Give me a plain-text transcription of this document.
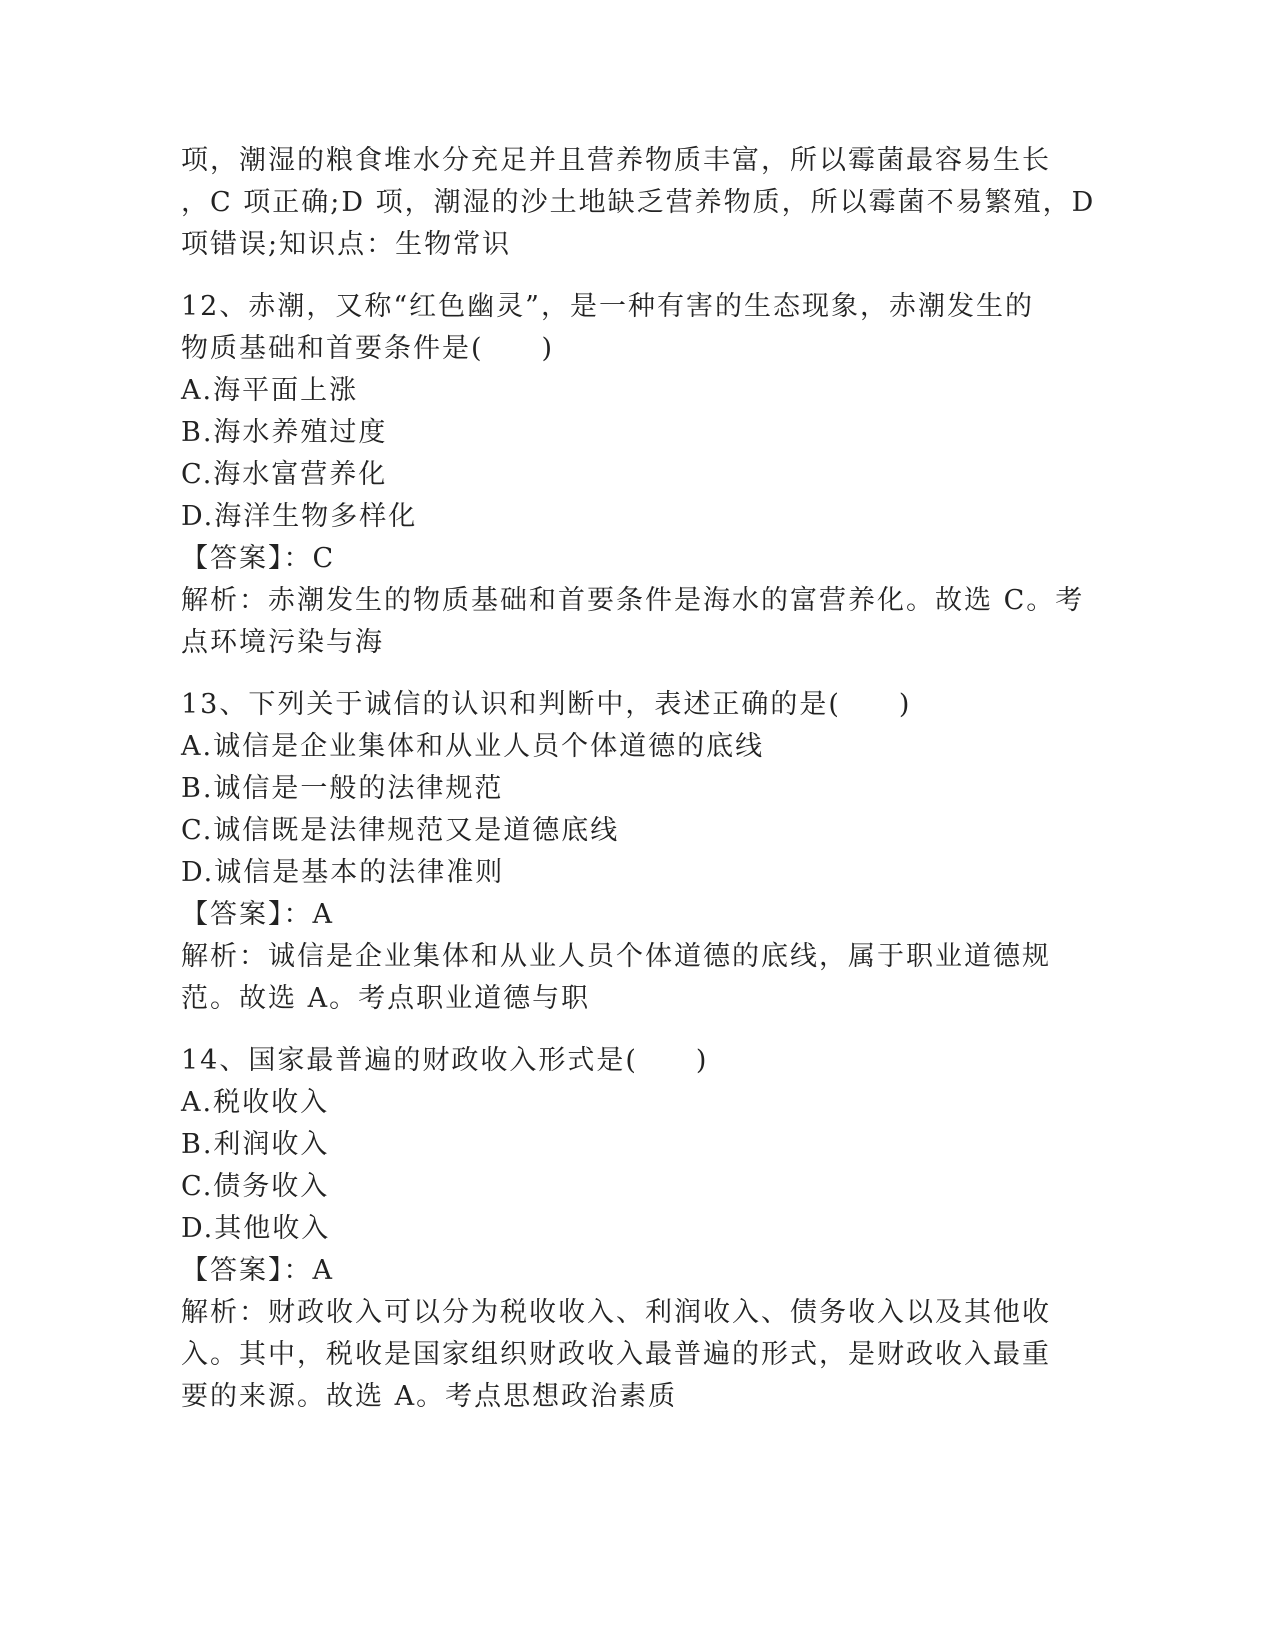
项，潮湿的粮食堆水分充足并且营养物质丰富，所以霉菌最容易生长
，C 项正确;D 项，潮湿的沙土地缺乏营养物质，所以霉菌不易繁殖，D
项错误;知识点：生物常识
12、赤潮，又称“红色幽灵”，是一种有害的生态现象，赤潮发生的
物质基础和首要条件是(　　)
A.海平面上涨
B.海水养殖过度
C.海水富营养化
D.海洋生物多样化
【答案】：C
解析：赤潮发生的物质基础和首要条件是海水的富营养化。故选 C。考
点环境污染与海
13、下列关于诚信的认识和判断中，表述正确的是(　　)
A.诚信是企业集体和从业人员个体道德的底线
B.诚信是一般的法律规范
C.诚信既是法律规范又是道德底线
D.诚信是基本的法律准则
【答案】：A
解析：诚信是企业集体和从业人员个体道德的底线，属于职业道德规
范。故选 A。考点职业道德与职
14、国家最普遍的财政收入形式是(　　)
A.税收收入
B.利润收入
C.债务收入
D.其他收入
【答案】：A
解析：财政收入可以分为税收收入、利润收入、债务收入以及其他收
入。其中，税收是国家组织财政收入最普遍的形式，是财政收入最重
要的来源。故选 A。考点思想政治素质
